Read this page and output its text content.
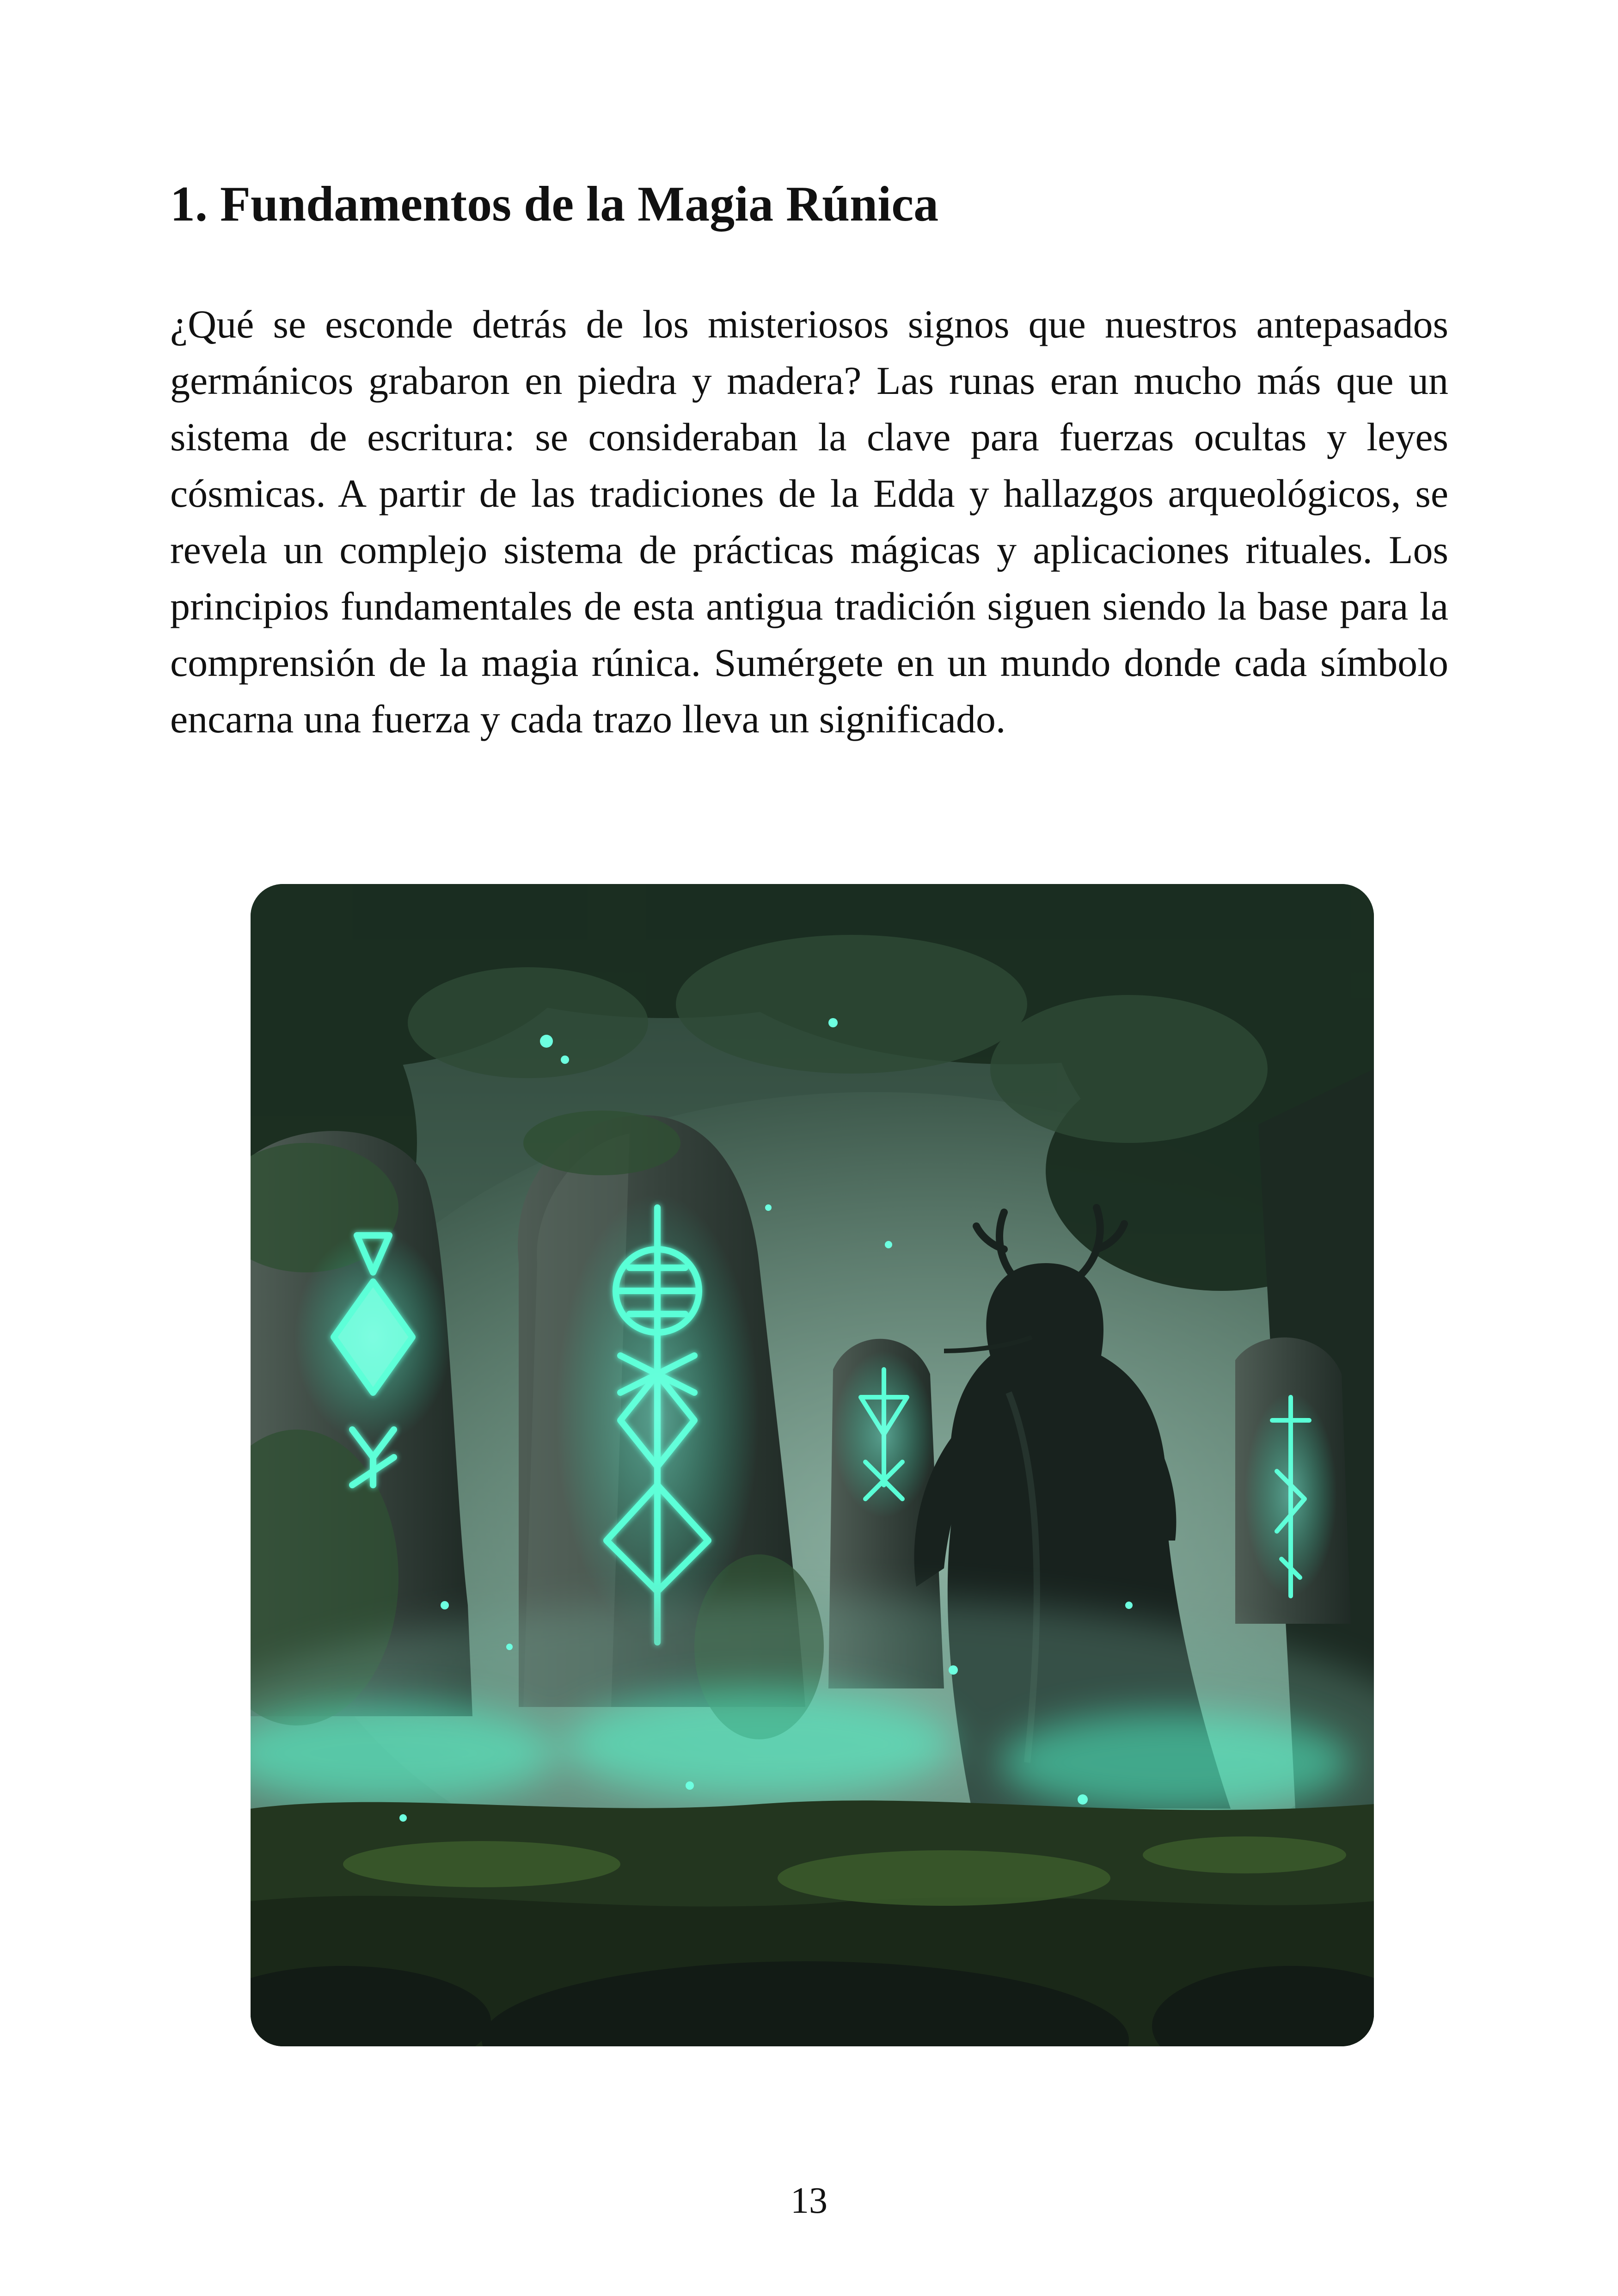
1. Fundamentos de la Magia Rúnica

¿Qué se esconde detrás de los misteriosos signos que nuestros antepasados germánicos grabaron en piedra y madera? Las runas eran mucho más que un sistema de escritura: se consideraban la clave para fuerzas ocultas y leyes cósmicas. A partir de las tradiciones de la Edda y hallazgos arqueológicos, se revela un complejo sistema de prácticas mágicas y aplicaciones rituales. Los principios fundamentales de esta antigua tradición siguen siendo la base para la comprensión de la magia rúnica. Sumérgete en un mundo donde cada símbolo encarna una fuerza y cada trazo lleva un significado.

13
